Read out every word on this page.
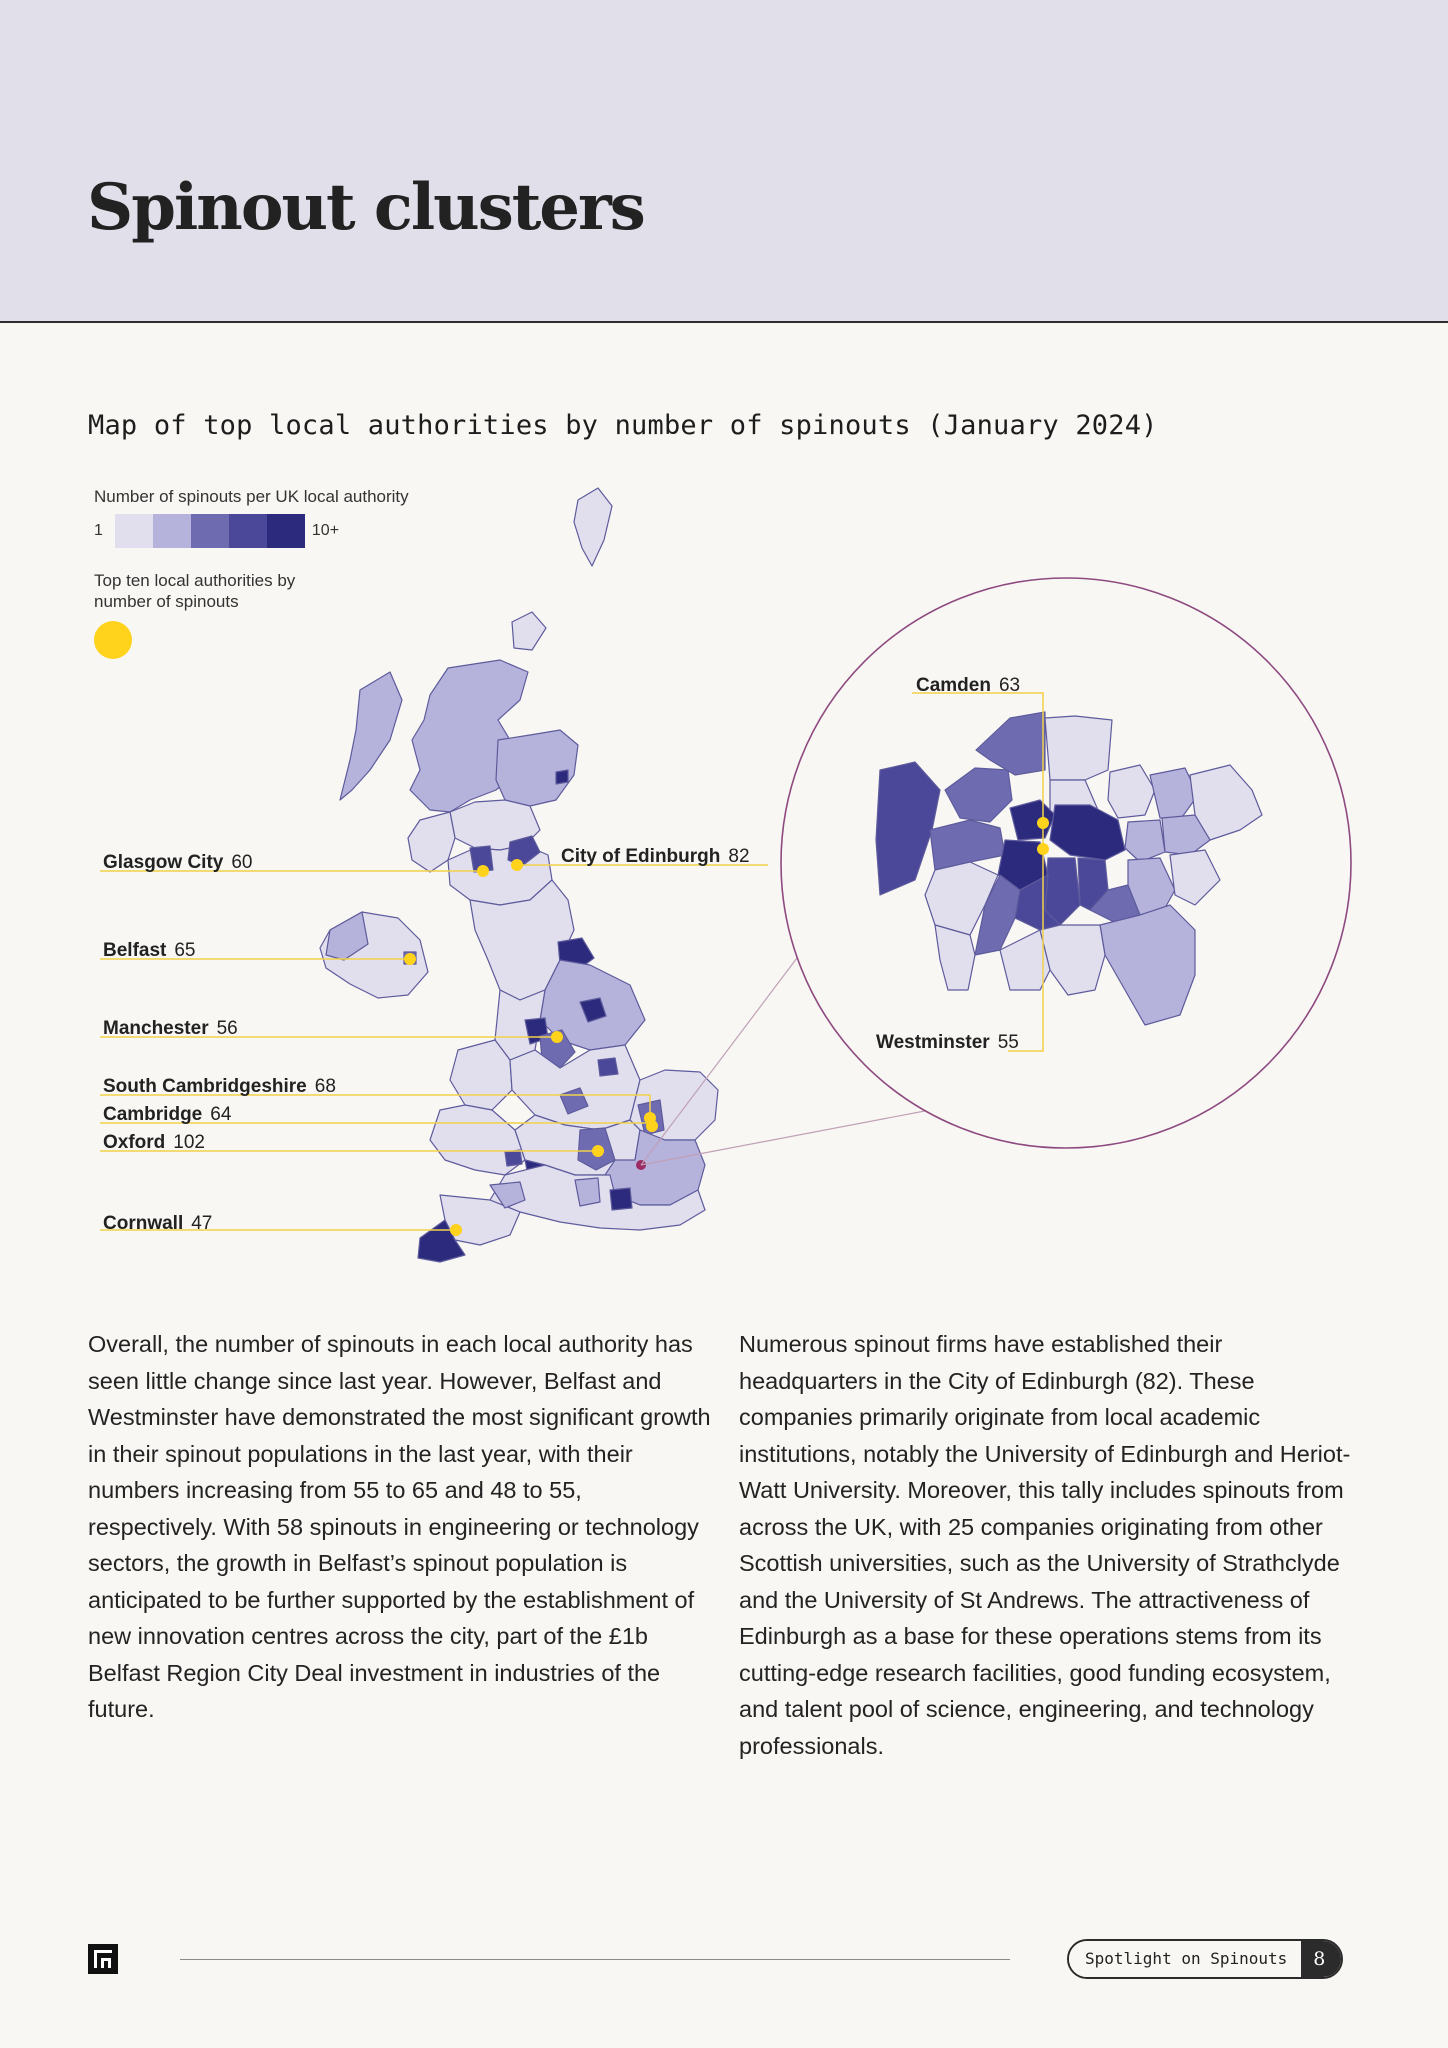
Spinout clusters
Map of top local authorities by number of spinouts (January 2024)
Number of spinouts per UK local authority
1	10+
Top ten local authorities by number of spinouts
Glasgow City 60	City of Edinburgh 82
Belfast 65
Manchester 56
South Cambridgeshire 68
Cambridge 64
Oxford 102
Cornwall 47
Camden 63
Westminster 55

Overall, the number of spinouts in each local authority has seen little change since last year. However, Belfast and Westminster have demonstrated the most significant growth in their spinout populations in the last year, with their numbers increasing from 55 to 65 and 48 to 55, respectively. With 58 spinouts in engineering or technology sectors, the growth in Belfast’s spinout population is anticipated to be further supported by the establishment of new innovation centres across the city, part of the £1b Belfast Region City Deal investment in industries of the future.

Numerous spinout firms have established their headquarters in the City of Edinburgh (82). These companies primarily originate from local academic institutions, notably the University of Edinburgh and Heriot-Watt University. Moreover, this tally includes spinouts from across the UK, with 25 companies originating from other Scottish universities, such as the University of Strathclyde and the University of St Andrews. The attractiveness of Edinburgh as a base for these operations stems from its cutting-edge research facilities, good funding ecosystem, and talent pool of science, engineering, and technology professionals.

Spotlight on Spinouts	8
